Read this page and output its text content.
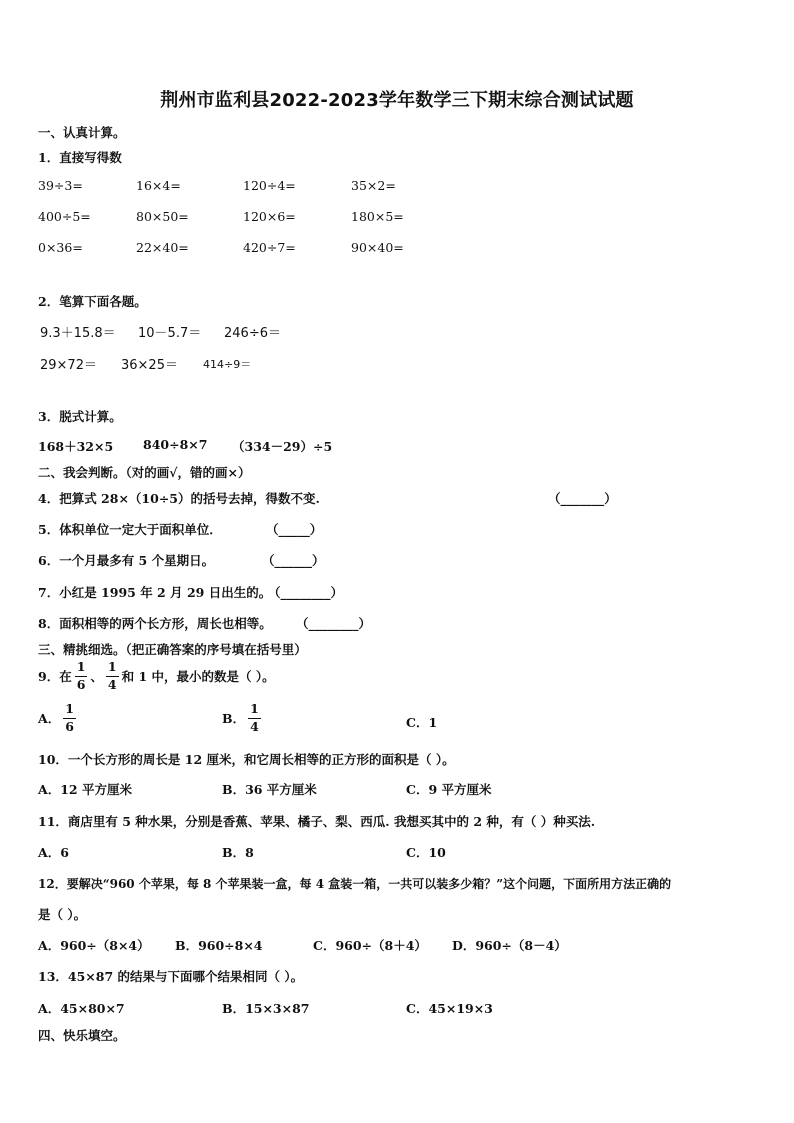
荆州市监利县2022-2023学年数学三下期末综合测试试题
一、认真计算。
1．直接写得数
39÷3=	16×4=	120÷4=	35×2=
400÷5=	80×50=	120×6=	180×5=
0×36=	22×40=	420÷7=	90×40=
2．笔算下面各题。
9.3＋15.8＝ 10－5.7＝ 246÷6＝
29×72＝ 36×25＝ 414÷9＝
3．脱式计算。
168＋32×5 840÷8×7 （334－29）÷5
二、我会判断。（对的画√，错的画×）
4．把算式 28×（10÷5）的括号去掉，得数不变.	（_______）
5．体积单位一定大于面积单位．	（_____）
6．一个月最多有 5 个星期日。	（______）
7．小红是 1995 年 2 月 29 日出生的。
（________）
8．面积相等的两个长方形，周长也相等。 （________）
三、精挑细选。（把正确答案的序号填在括号里）
9．在 $\frac{1}{6}$ 、 $\frac{1}{4}$ 和 1 中，最小的数是（ ）。
A． $\frac{1}{6}$	B． $\frac{1}{4}$	C．1
10．一个长方形的周长是 12 厘米，和它周长相等的正方形的面积是（ ）。
A．12 平方厘米	B．36 平方厘米	C．9 平方厘米
11．商店里有 5 种水果，分别是香蕉、苹果、橘子、梨、西瓜. 我想买其中的 2 种，有（ ）种买法.
A．6	B．8	C．10
12．要解决“960 个苹果，每 8 个苹果装一盒，每 4 盒装一箱，一共可以装多少箱？”这个问题，下面所用方法正确的
是（ ）。
A．960÷（8×4） B．960÷8×4	C．960÷（8＋4） D．960÷（8－4）
13．45×87 的结果与下面哪个结果相同（ ）。
A．45×80×7	B．15×3×87	C．45×19×3
四、快乐填空。
